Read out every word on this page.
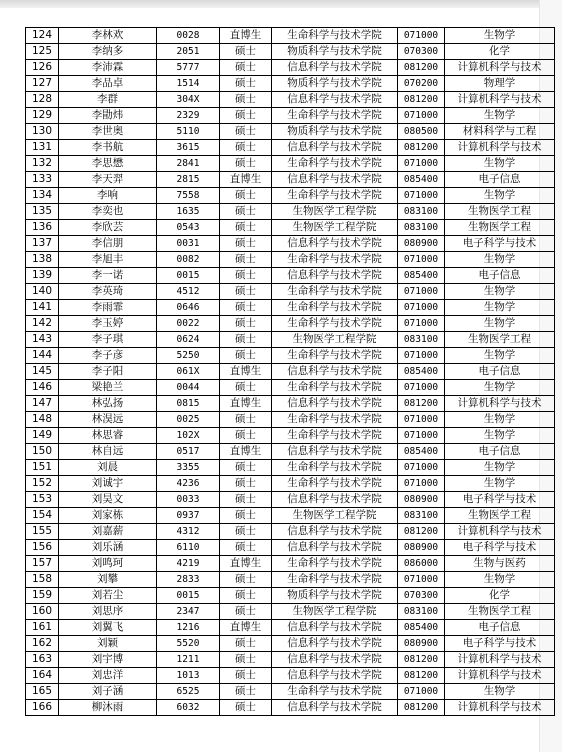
124	李林欢	0028	直博生	生命科学与技术学院	071000	生物学
125	李纳多	2051	硕士	物质科学与技术学院	070300	化学
126	李沛霖	5777	硕士	信息科学与技术学院	081200	计算机科学与技术
127	李品卓	1514	硕士	物质科学与技术学院	070200	物理学
128	李群	304X	硕士	信息科学与技术学院	081200	计算机科学与技术
129	李勖炜	2329	硕士	生命科学与技术学院	071000	生物学
130	李世奥	5110	硕士	物质科学与技术学院	080500	材料科学与工程
131	李书航	3615	硕士	信息科学与技术学院	081200	计算机科学与技术
132	李思懋	2841	硕士	生命科学与技术学院	071000	生物学
133	李天羿	2815	直博生	信息科学与技术学院	085400	电子信息
134	李响	7558	硕士	生命科学与技术学院	071000	生物学
135	李奕也	1635	硕士	生物医学工程学院	083100	生物医学工程
136	李欣芸	0543	硕士	生物医学工程学院	083100	生物医学工程
137	李信朋	0031	硕士	信息科学与技术学院	080900	电子科学与技术
138	李旭丰	0082	硕士	生命科学与技术学院	071000	生物学
139	李一诺	0015	硕士	信息科学与技术学院	085400	电子信息
140	李英琦	4512	硕士	生命科学与技术学院	071000	生物学
141	李雨霏	0646	硕士	生命科学与技术学院	071000	生物学
142	李玉婷	0022	硕士	生命科学与技术学院	071000	生物学
143	李子琪	0624	硕士	生物医学工程学院	083100	生物医学工程
144	李子彦	5250	硕士	生命科学与技术学院	071000	生物学
145	李子阳	061X	直博生	信息科学与技术学院	085400	电子信息
146	梁艳兰	0044	硕士	生命科学与技术学院	071000	生物学
147	林弘扬	0815	直博生	信息科学与技术学院	081200	计算机科学与技术
148	林淏远	0025	硕士	生命科学与技术学院	071000	生物学
149	林思睿	102X	硕士	生命科学与技术学院	071000	生物学
150	林自远	0517	直博生	信息科学与技术学院	085400	电子信息
151	刘晨	3355	硕士	生命科学与技术学院	071000	生物学
152	刘诚宇	4236	硕士	生命科学与技术学院	071000	生物学
153	刘昊文	0033	硕士	信息科学与技术学院	080900	电子科学与技术
154	刘家栋	0937	硕士	生物医学工程学院	083100	生物医学工程
155	刘嘉薪	4312	硕士	信息科学与技术学院	081200	计算机科学与技术
156	刘乐涵	6110	硕士	信息科学与技术学院	080900	电子科学与技术
157	刘鸣珂	4219	直博生	生命科学与技术学院	086000	生物与医药
158	刘攀	2833	硕士	生命科学与技术学院	071000	生物学
159	刘若尘	0015	硕士	物质科学与技术学院	070300	化学
160	刘思序	2347	硕士	生物医学工程学院	083100	生物医学工程
161	刘翼飞	1216	直博生	信息科学与技术学院	085400	电子信息
162	刘颖	5520	硕士	信息科学与技术学院	080900	电子科学与技术
163	刘宇博	1211	硕士	信息科学与技术学院	081200	计算机科学与技术
164	刘忠洋	1013	硕士	信息科学与技术学院	081200	计算机科学与技术
165	刘子涵	6525	硕士	生命科学与技术学院	071000	生物学
166	柳沐雨	6032	硕士	信息科学与技术学院	081200	计算机科学与技术
